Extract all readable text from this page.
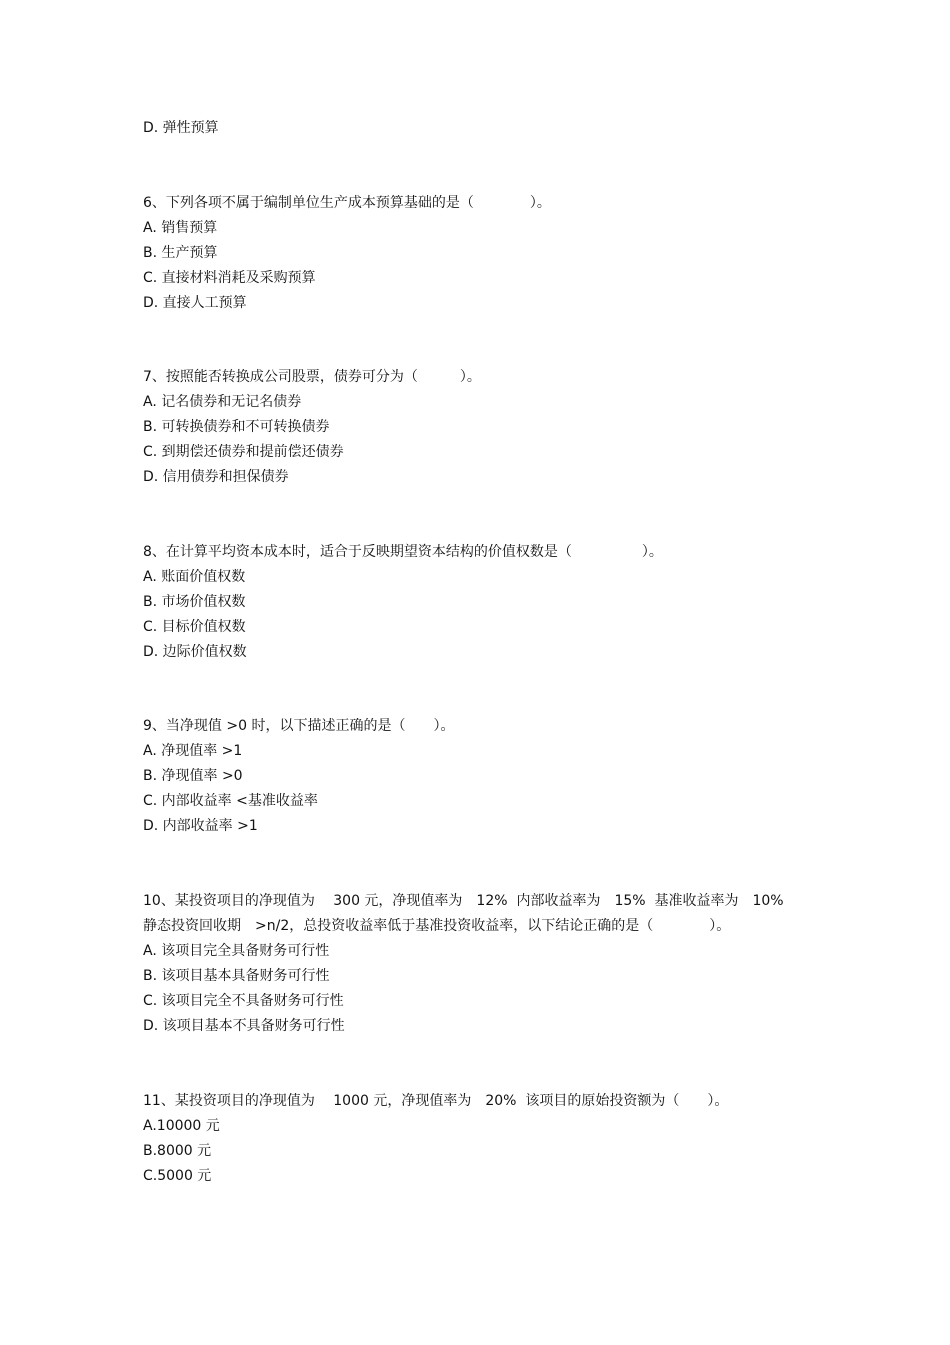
D. 弹性预算
6、下列各项不属于编制单位生产成本预算基础的是（　　　　）。
A. 销售预算
B. 生产预算
C. 直接材料消耗及采购预算
D. 直接人工预算
7、按照能否转换成公司股票，债券可分为（　　　）。
A. 记名债券和无记名债券
B. 可转换债券和不可转换债券
C. 到期偿还债券和提前偿还债券
D. 信用债券和担保债券
8、在计算平均资本成本时，适合于反映期望资本结构的价值权数是（　　　　　）。
A. 账面价值权数
B. 市场价值权数
C. 目标价值权数
D. 边际价值权数
9、当净现值 >0 时，以下描述正确的是（　　）。
A. 净现值率 >1
B. 净现值率 >0
C. 内部收益率 <基准收益率
D. 内部收益率 >1
10、某投资项目的净现值为　 300 元，净现值率为　12%  内部收益率为　15%  基准收益率为　10%
静态投资回收期　>n/2，总投资收益率低于基准投资收益率，以下结论正确的是（　　　　）。
A. 该项目完全具备财务可行性
B. 该项目基本具备财务可行性
C. 该项目完全不具备财务可行性
D. 该项目基本不具备财务可行性
11、某投资项目的净现值为　 1000 元，净现值率为　20%  该项目的原始投资额为（　　）。
A.10000 元
B.8000 元
C.5000 元
